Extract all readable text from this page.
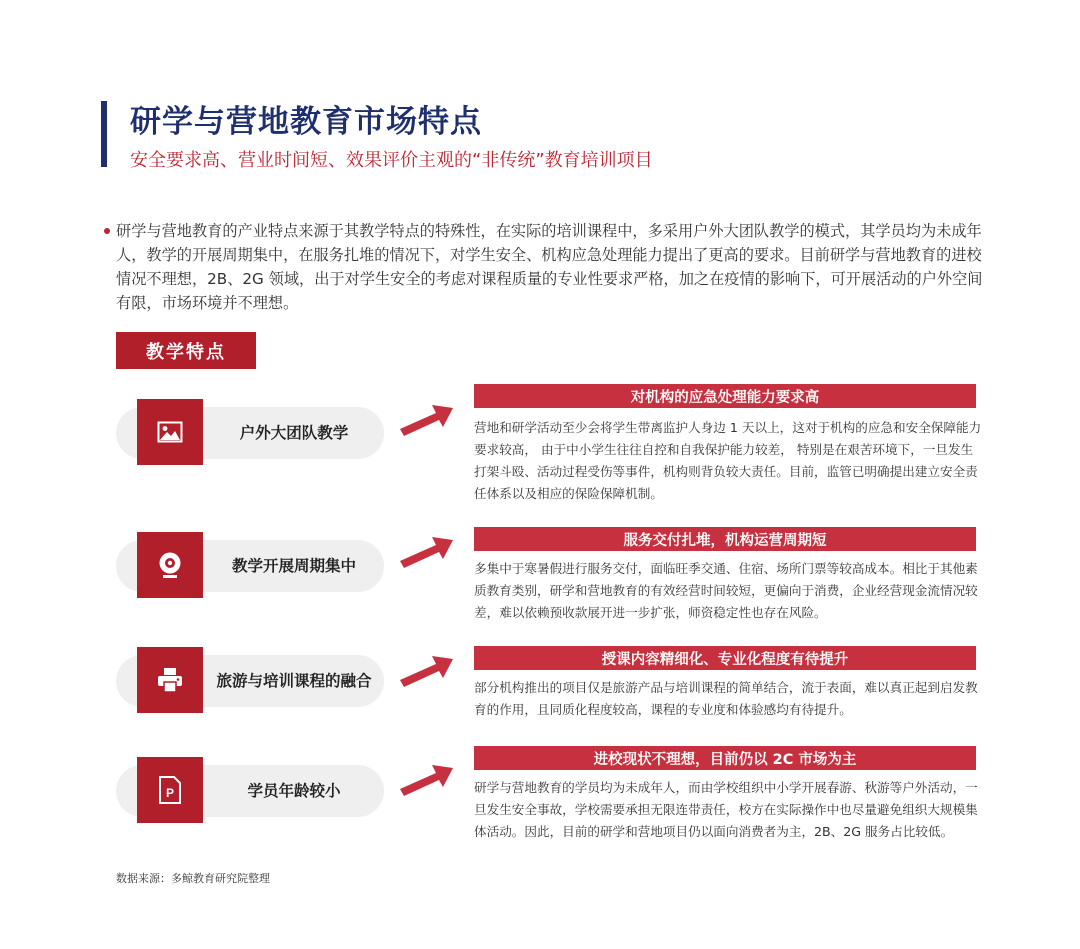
研学与营地教育市场特点
安全要求高、营业时间短、效果评价主观的“非传统”教育培训项目
研学与营地教育的产业特点来源于其教学特点的特殊性，在实际的培训课程中，多采用户外大团队教学的模式，其学员均为未成年人，教学的开展周期集中，在服务扎堆的情况下，对学生安全、机构应急处理能力提出了更高的要求。目前研学与营地教育的进校情况不理想，2B、2G 领域，出于对学生安全的考虑对课程质量的专业性要求严格，加之在疫情的影响下，可开展活动的户外空间有限，市场环境并不理想。
教学特点
户外大团队教学
对机构的应急处理能力要求高
营地和研学活动至少会将学生带离监护人身边 1 天以上，这对于机构的应急和安全保障能力要求较高， 由于中小学生往往自控和自我保护能力较差， 特别是在艰苦环境下，一旦发生打架斗殴、活动过程受伤等事件，机构则背负较大责任。目前，监管已明确提出建立安全责任体系以及相应的保险保障机制。
教学开展周期集中
服务交付扎堆，机构运营周期短
多集中于寒暑假进行服务交付，面临旺季交通、住宿、场所门票等较高成本。相比于其他素质教育类别，研学和营地教育的有效经营时间较短，更偏向于消费，企业经营现金流情况较差，难以依赖预收款展开进一步扩张，师资稳定性也存在风险。
旅游与培训课程的融合
授课内容精细化、专业化程度有待提升
部分机构推出的项目仅是旅游产品与培训课程的简单结合，流于表面，难以真正起到启发教育的作用，且同质化程度较高，课程的专业度和体验感均有待提升。
P	学员年龄较小
进校现状不理想，目前仍以 2C 市场为主
研学与营地教育的学员均为未成年人，而由学校组织中小学开展春游、秋游等户外活动，一旦发生安全事故，学校需要承担无限连带责任，校方在实际操作中也尽量避免组织大规模集体活动。因此，目前的研学和营地项目仍以面向消费者为主，2B、2G 服务占比较低。
数据来源：多鲸教育研究院整理
